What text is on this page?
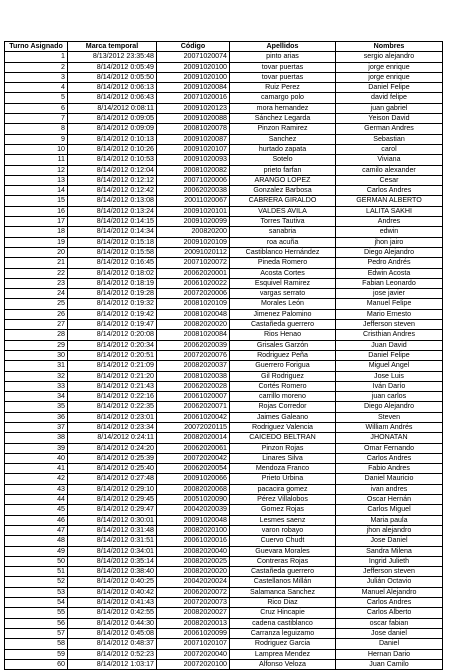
Turno Asignado	Marca temporal	Código	Apellidos	Nombres
1	8/13/2012 23:35:48	20071020074	pinto arias	sergio alejandro
2	8/14/2012 0:05:49	20091020100	tovar puertas	jorge enrique
3	8/14/2012 0:05:50	20091020100	tovar puertas	jorge enrique
4	8/14/2012 0:06:13	20091020084	Ruiz Perez	Daniel Felipe
5	8/14/2012 0:06:43	20071020016	camargo polo	david felipe
6	8/14/2012 0:08:11	20091020123	mora hernandez	juan gabriel
7	8/14/2012 0:09:05	20091020088	Sánchez Legarda	Yeison David
8	8/14/2012 0:09:09	20081020078	Pinzon Ramirez	German Andres
9	8/14/2012 0:10:13	20091020087	Sanchez	Sebastian
10	8/14/2012 0:10:26	20091020107	hurtado zapata	carol
11	8/14/2012 0:10:53	20091020093	Sotelo	Viviana
12	8/14/2012 0:12:04	20081020082	prieto farfan	camilo alexander
13	8/14/2012 0:12:12	20071020006	ARANGO LOPEZ	Cesar
14	8/14/2012 0:12:42	20062020038	Gonzalez Barbosa	Carlos Andres
15	8/14/2012 0:13:08	20011020067	CABRERA GIRALDO	GERMAN ALBERTO
16	8/14/2012 0:13:24	20091020101	VALDES AVILA	LALITA SAKHI
17	8/14/2012 0:14:15	20091020099	Torres Tautiva	Andres
18	8/14/2012 0:14:34	200820200	sanabria	edwin
19	8/14/2012 0:15:18	20091020109	roa acuña	jhon jairo
20	8/14/2012 0:15:58	20091020112	Castiblanco Hernández	Diego Alejandro
21	8/14/2012 0:16:45	20071020072	Pineda Romero	Pedro Andrés
22	8/14/2012 0:18:02	20062020001	Acosta Cortes	Edwin Acosta
23	8/14/2012 0:18:19	20061020022	Esquivel Ramirez	Fabian Leonardo
24	8/14/2012 0:19:28	20072020006	vargas serrato	jose javier
25	8/14/2012 0:19:32	20081020109	Morales León	Manuel Felipe
26	8/14/2012 0:19:42	20081020048	Jimenez Palomino	Mario Ernesto
27	8/14/2012 0:19:47	20082020020	Castañeda guerrero	Jefferson steven
28	8/14/2012 0:20:08	20081020084	Rios Henao	Cristhian Andres
29	8/14/2012 0:20:34	20062020039	Grisales Garzón	Juan David
30	8/14/2012 0:20:51	20072020076	Rodriguez Peña	Daniel Felipe
31	8/14/2012 0:21:09	20082020037	Guerrero Forigua	Miguel Angel
32	8/14/2012 0:21:20	20081020038	Gil Rodriguez	Jose Luis
33	8/14/2012 0:21:43	20062020028	Cortés Romero	Iván Darío
34	8/14/2012 0:22:16	20061020007	carrillo moreno	juan carlos
35	8/14/2012 0:22:35	20062020071	Rojas Corredor	Diego Alejandro
36	8/14/2012 0:23:01	20061020042	Jaimes Galeano	Steven
37	8/14/2012 0:23:34	20072020115	Rodriguez Valencia	William Andrés
38	8/14/2012 0:24:11	20082020014	CAICEDO BELTRAN	JHONATAN
39	8/14/2012 0:24:20	20062020061	Pinzon Rojas	Omar Fernando
40	8/14/2012 0:25:39	20072020042	Linares Silva	Carlos Andres
41	8/14/2012 0:25:40	20062020054	Mendoza Franco	Fabio Andres
42	8/14/2012 0:27:48	20091020066	Prieto Urbina	Daniel Mauricio
43	8/14/2012 0:29:10	20082020068	pacacira gomez	ivan andres
44	8/14/2012 0:29:45	20051020090	Pérez Villalobos	Oscar Hernán
45	8/14/2012 0:29:47	20042020039	Gomez Rojas	Carlos Miguel
46	8/14/2012 0:30:01	20091020048	Lesmes saenz	Maria paula
47	8/14/2012 0:31:48	20082020100	varon robayo	jhon alejandro
48	8/14/2012 0:31:51	20061020016	Cuervo Chudt	Jose Daniel
49	8/14/2012 0:34:01	20082020040	Guevara Morales	Sandra Milena
50	8/14/2012 0:35:14	20082020025	Contreras Rojas	Ingrid Julieth
51	8/14/2012 0:38:40	20082020020	Castañeda guerrero	Jefferson steven
52	8/14/2012 0:40:25	20042020024	Castellanos Millán	Julián Octavio
53	8/14/2012 0:40:42	20062020072	Salamanca Sanchez	Manuel Alejandro
54	8/14/2012 0:41:43	20072020073	Rico Diaz	Carlos Andres
55	8/14/2012 0:42:55	20082020027	Cruz Hincapie	Carlos Alberto
56	8/14/2012 0:44:30	20082020013	cadena castiblanco	oscar fabian
57	8/14/2012 0:45:08	20061020099	Carranza leguizamo	Jose daniel
58	8/14/2012 0:48:37	20071020107	Rodriguez Garcia	Daniel
59	8/14/2012 0:52:23	20072020040	Lamprea Mendez	Hernan Dario
60	8/14/2012 1:03:17	20072020100	Alfonso Veloza	Juan Camilo
